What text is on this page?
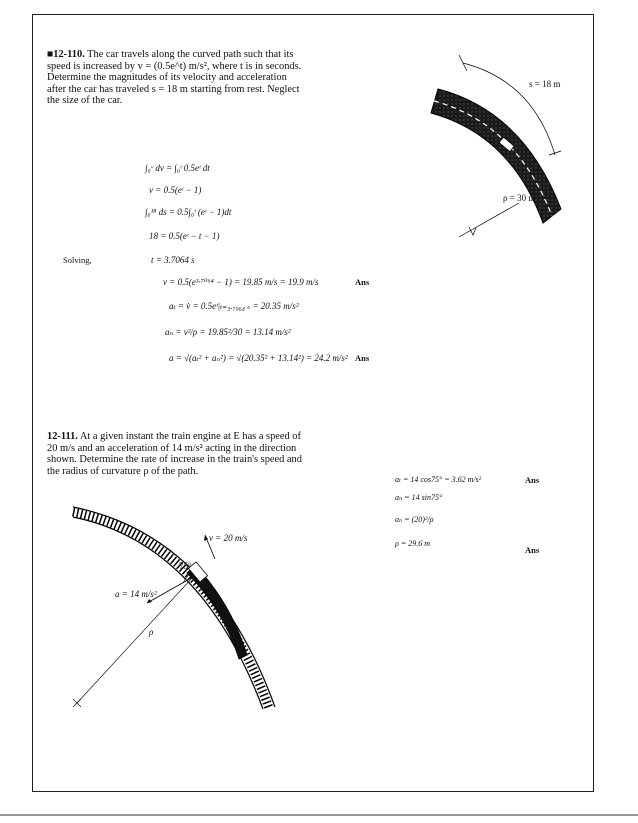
■12-110. The car travels along the curved path such that its speed is increased by v = (0.5e^t) m/s², where t is in seconds. Determine the magnitudes of its velocity and acceleration after the car has traveled s = 18 m starting from rest. Neglect the size of the car.
s = 18 m
ρ = 30 m
∫₀ᵛ dv = ∫₀ᵗ 0.5eᵗ dt
v = 0.5(eᵗ − 1)
∫₀¹⁸ ds = 0.5∫₀ᵗ (eᵗ − 1)dt
18 = 0.5(eᵗ − t − 1)
Solving,	t = 3.7064 s
v = 0.5(e³·⁷⁰⁶⁴ − 1) = 19.85 m/s = 19.9 m/s	Ans
aₜ = v̇ = 0.5eᵗ|ₜ₌₃.₇₀₆₄ ₛ = 20.35 m/s²
aₙ = v²/ρ = 19.85²/30 = 13.14 m/s²
a = √(aₜ² + aₙ²) = √(20.35² + 13.14²) = 24.2 m/s² Ans
12-111. At a given instant the train engine at E has a speed of 20 m/s and an acceleration of 14 m/s² acting in the direction shown. Determine the rate of increase in the train's speed and the radius of curvature ρ of the path.
v = 20 m/s
75°
a = 14 m/s²	E
ρ
aₜ = 14 cos75° = 3.62 m/s²	Ans
aₙ = 14 sin75°
aₙ = (20)²/ρ
ρ = 29.6 m
Ans
